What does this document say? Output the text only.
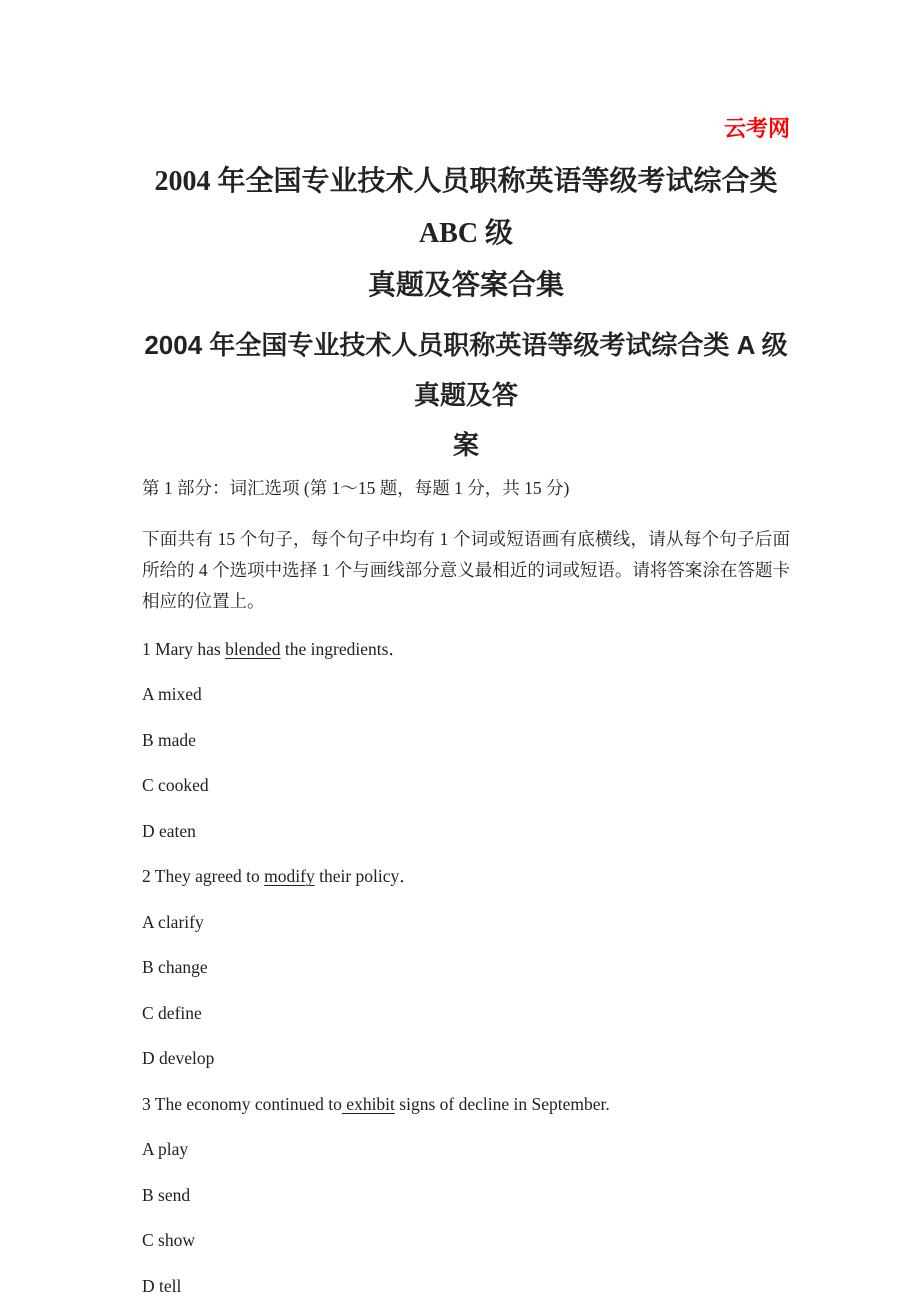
云考网
2004 年全国专业技术人员职称英语等级考试综合类 ABC 级
真题及答案合集
2004 年全国专业技术人员职称英语等级考试综合类 A 级真题及答
案

第 1 部分：词汇选项 (第 1～15 题，每题 1 分，共 15 分)

下面共有 15 个句子，每个句子中均有 1 个词或短语画有底横线，请从每个句子后面所给的 4 个选项中选择 1 个与画线部分意义最相近的词或短语。请将答案涂在答题卡相应的位置上。

1 Mary has blended the ingredients．

A mixed

B made

C cooked

D eaten

2 They agreed to modify their policy．

A clarify

B change

C define

D develop

3 The economy continued to exhibit signs of decline in September.

A play

B send

C show

D tell
